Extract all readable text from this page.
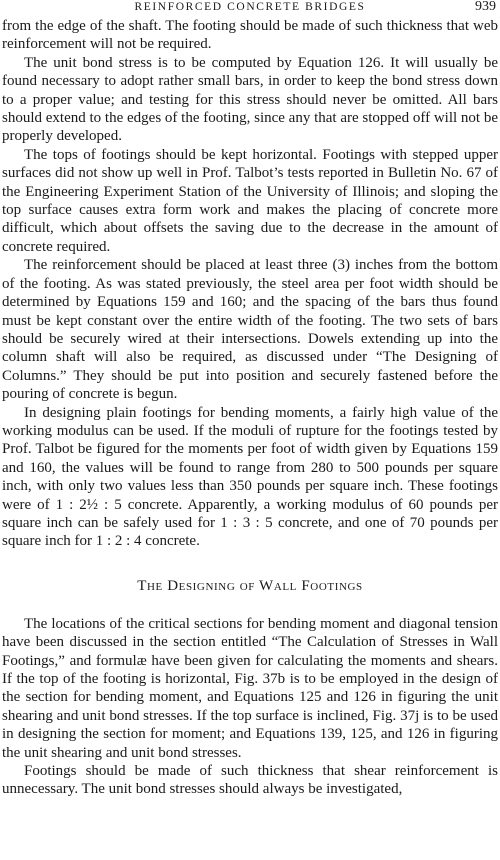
REINFORCED CONCRETE BRIDGES	939

from the edge of the shaft. The footing should be made of such thickness that web reinforcement will not be required.

The unit bond stress is to be computed by Equation 126. It will usually be found necessary to adopt rather small bars, in order to keep the bond stress down to a proper value; and testing for this stress should never be omitted. All bars should extend to the edges of the footing, since any that are stopped off will not be properly developed.

The tops of footings should be kept horizontal. Footings with stepped upper surfaces did not show up well in Prof. Talbot’s tests reported in Bulletin No. 67 of the Engineering Experiment Station of the University of Illinois; and sloping the top surface causes extra form work and makes the placing of concrete more difficult, which about offsets the saving due to the decrease in the amount of concrete required.

The reinforcement should be placed at least three (3) inches from the bottom of the footing. As was stated previously, the steel area per foot width should be determined by Equations 159 and 160; and the spacing of the bars thus found must be kept constant over the entire width of the footing. The two sets of bars should be securely wired at their intersections. Dowels extending up into the column shaft will also be required, as discussed under “The Designing of Columns.” They should be put into position and securely fastened before the pouring of concrete is begun.

In designing plain footings for bending moments, a fairly high value of the working modulus can be used. If the moduli of rupture for the footings tested by Prof. Talbot be figured for the moments per foot of width given by Equations 159 and 160, the values will be found to range from 280 to 500 pounds per square inch, with only two values less than 350 pounds per square inch. These footings were of 1 : 2½ : 5 concrete. Apparently, a working modulus of 60 pounds per square inch can be safely used for 1 : 3 : 5 concrete, and one of 70 pounds per square inch for 1 : 2 : 4 concrete.

The Designing of Wall Footings

The locations of the critical sections for bending moment and diagonal tension have been discussed in the section entitled “The Calculation of Stresses in Wall Footings,” and formulæ have been given for calculating the moments and shears. If the top of the footing is horizontal, Fig. 37b is to be employed in the design of the section for bending moment, and Equations 125 and 126 in figuring the unit shearing and unit bond stresses. If the top surface is inclined, Fig. 37j is to be used in designing the section for moment; and Equations 139, 125, and 126 in figuring the unit shearing and unit bond stresses.

Footings should be made of such thickness that shear reinforcement is unnecessary. The unit bond stresses should always be investigated,
